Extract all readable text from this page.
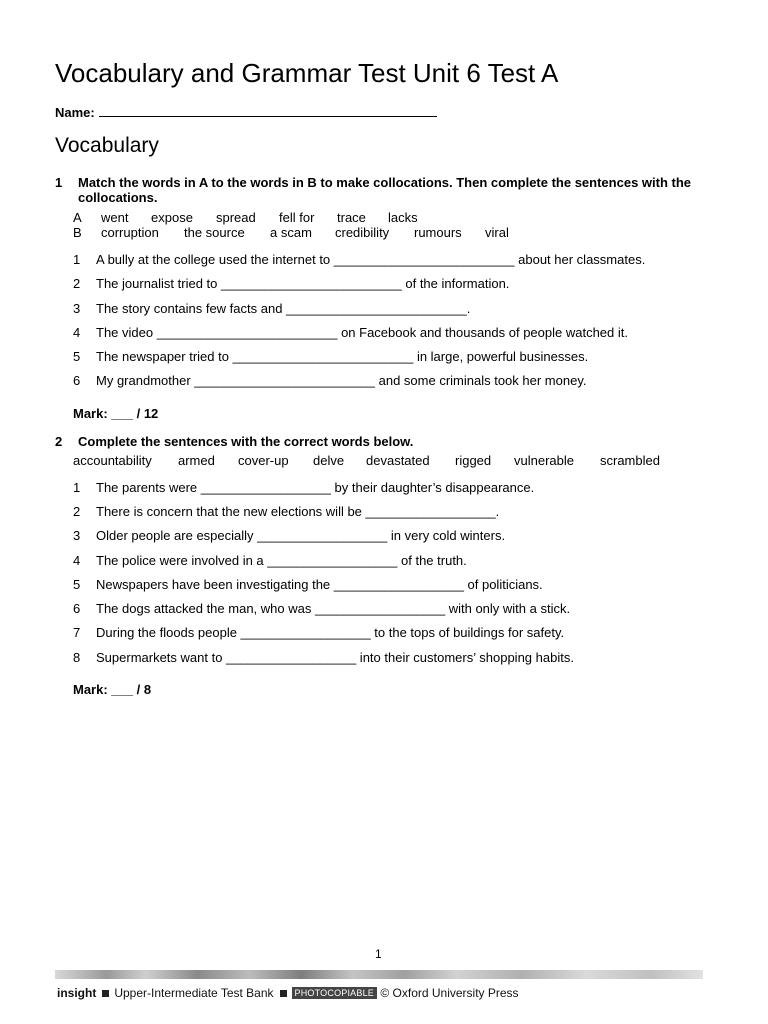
Vocabulary and Grammar Test Unit 6 Test A
Name:
Vocabulary
1 Match the words in A to the words in B to make collocations. Then complete the sentences with the collocations.
A went expose spread fell for trace lacks
B corruption the source a scam credibility rumours viral
1 A bully at the college used the internet to _________________________ about her classmates.
2 The journalist tried to _________________________ of the information.
3 The story contains few facts and _________________________.
4 The video _________________________ on Facebook and thousands of people watched it.
5 The newspaper tried to _________________________ in large, powerful businesses.
6 My grandmother _________________________ and some criminals took her money.
Mark: ___ / 12
2 Complete the sentences with the correct words below.
accountability armed cover-up delve devastated rigged vulnerable scrambled
1 The parents were __________________ by their daughter’s disappearance.
2 There is concern that the new elections will be __________________.
3 Older people are especially __________________ in very cold winters.
4 The police were involved in a __________________ of the truth.
5 Newspapers have been investigating the __________________ of politicians.
6 The dogs attacked the man, who was __________________ with only with a stick.
7 During the floods people __________________ to the tops of buildings for safety.
8 Supermarkets want to __________________ into their customers’ shopping habits.
Mark: ___ / 8
1
insight Upper-Intermediate Test Bank PHOTOCOPIABLE © Oxford University Press
